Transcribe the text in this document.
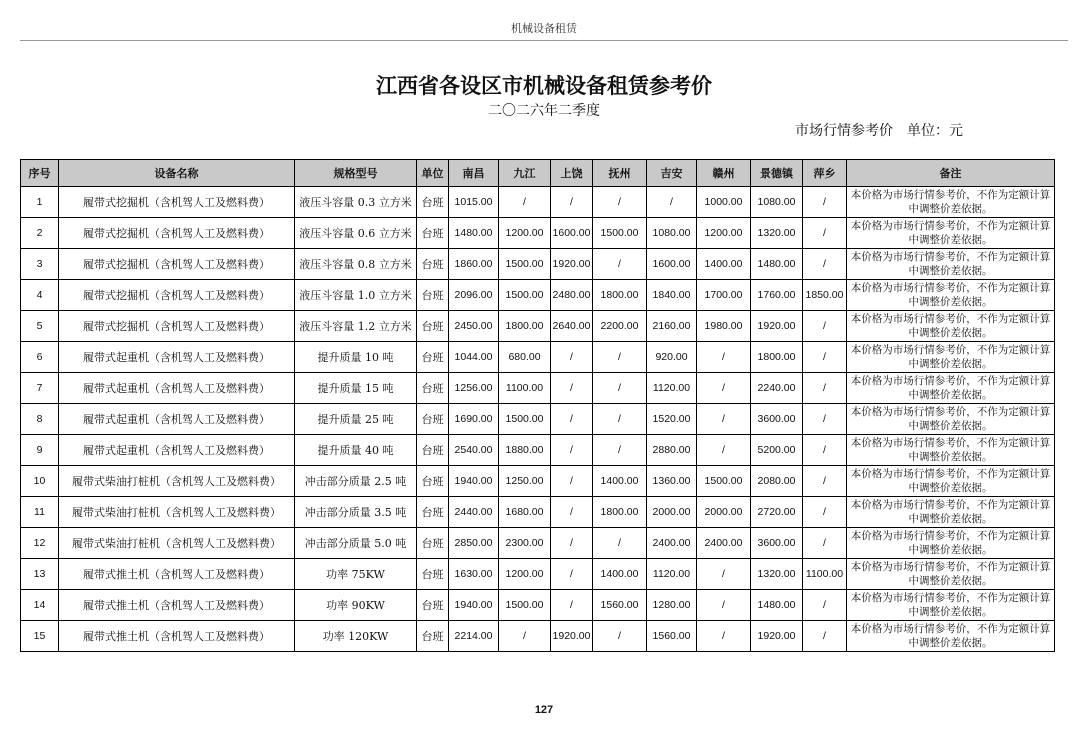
机械设备租赁
江西省各设区市机械设备租赁参考价
二〇二六年二季度
市场行情参考价 单位：元
序号	设备名称	规格型号	单位	南昌	九江	上饶	抚州	吉安	赣州	景德镇	萍乡	备注
1	履带式挖掘机（含机驾人工及燃料费）	液压斗容量 0.3 立方米	台班	1015.00	/	/	/	/	1000.00	1080.00	/	本价格为市场行情参考价，不作为定额计算中调整价差依据。
2	履带式挖掘机（含机驾人工及燃料费）	液压斗容量 0.6 立方米	台班	1480.00	1200.00	1600.00	1500.00	1080.00	1200.00	1320.00	/	本价格为市场行情参考价，不作为定额计算中调整价差依据。
3	履带式挖掘机（含机驾人工及燃料费）	液压斗容量 0.8 立方米	台班	1860.00	1500.00	1920.00	/	1600.00	1400.00	1480.00	/	本价格为市场行情参考价，不作为定额计算中调整价差依据。
4	履带式挖掘机（含机驾人工及燃料费）	液压斗容量 1.0 立方米	台班	2096.00	1500.00	2480.00	1800.00	1840.00	1700.00	1760.00	1850.00	本价格为市场行情参考价，不作为定额计算中调整价差依据。
5	履带式挖掘机（含机驾人工及燃料费）	液压斗容量 1.2 立方米	台班	2450.00	1800.00	2640.00	2200.00	2160.00	1980.00	1920.00	/	本价格为市场行情参考价，不作为定额计算中调整价差依据。
6	履带式起重机（含机驾人工及燃料费）	提升质量 10 吨	台班	1044.00	680.00	/	/	920.00	/	1800.00	/	本价格为市场行情参考价，不作为定额计算中调整价差依据。
7	履带式起重机（含机驾人工及燃料费）	提升质量 15 吨	台班	1256.00	1100.00	/	/	1120.00	/	2240.00	/	本价格为市场行情参考价，不作为定额计算中调整价差依据。
8	履带式起重机（含机驾人工及燃料费）	提升质量 25 吨	台班	1690.00	1500.00	/	/	1520.00	/	3600.00	/	本价格为市场行情参考价，不作为定额计算中调整价差依据。
9	履带式起重机（含机驾人工及燃料费）	提升质量 40 吨	台班	2540.00	1880.00	/	/	2880.00	/	5200.00	/	本价格为市场行情参考价，不作为定额计算中调整价差依据。
10	履带式柴油打桩机（含机驾人工及燃料费）	冲击部分质量 2.5 吨	台班	1940.00	1250.00	/	1400.00	1360.00	1500.00	2080.00	/	本价格为市场行情参考价，不作为定额计算中调整价差依据。
11	履带式柴油打桩机（含机驾人工及燃料费）	冲击部分质量 3.5 吨	台班	2440.00	1680.00	/	1800.00	2000.00	2000.00	2720.00	/	本价格为市场行情参考价，不作为定额计算中调整价差依据。
12	履带式柴油打桩机（含机驾人工及燃料费）	冲击部分质量 5.0 吨	台班	2850.00	2300.00	/	/	2400.00	2400.00	3600.00	/	本价格为市场行情参考价，不作为定额计算中调整价差依据。
13	履带式推土机（含机驾人工及燃料费）	功率 75KW	台班	1630.00	1200.00	/	1400.00	1120.00	/	1320.00	1100.00	本价格为市场行情参考价，不作为定额计算中调整价差依据。
14	履带式推土机（含机驾人工及燃料费）	功率 90KW	台班	1940.00	1500.00	/	1560.00	1280.00	/	1480.00	/	本价格为市场行情参考价，不作为定额计算中调整价差依据。
15	履带式推土机（含机驾人工及燃料费）	功率 120KW	台班	2214.00	/	1920.00	/	1560.00	/	1920.00	/	本价格为市场行情参考价，不作为定额计算中调整价差依据。
127
